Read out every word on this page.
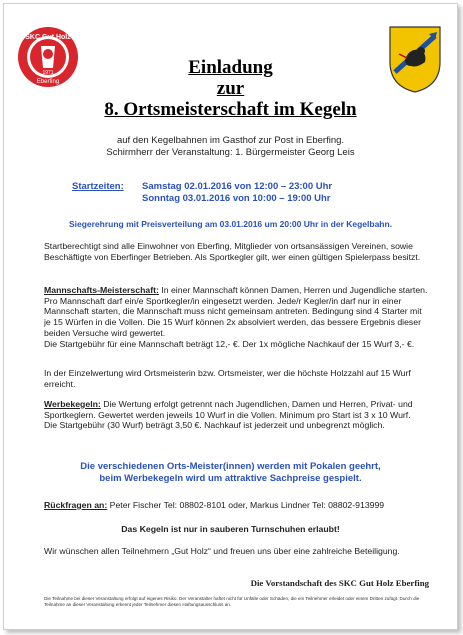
SKC Gut Holz
1971
Eberfing
Einladung
zur
8. Ortsmeisterschaft im Kegeln
auf den Kegelbahnen im Gasthof zur Post in Eberfing.
Schirmherr der Veranstaltung: 1. Bürgermeister Georg Leis
Startzeiten: Samstag 02.01.2016 von 12:00 – 23:00 Uhr
Sonntag 03.01.2016 von 10:00 – 19:00 Uhr
Siegerehrung mit Preisverteilung am 03.01.2016 um 20:00 Uhr in der Kegelbahn.
Startberechtigt sind alle Einwohner von Eberfing, Mitglieder von ortsansässigen Vereinen, sowie Beschäftigte von Eberfinger Betrieben. Als Sportkegler gilt, wer einen gültigen Spielerpass besitzt.
Mannschafts-Meisterschaft: In einer Mannschaft können Damen, Herren und Jugendliche starten. Pro Mannschaft darf ein/e Sportkegler/in eingesetzt werden. Jede/r Kegler/in darf nur in einer Mannschaft starten, die Mannschaft muss nicht gemeinsam antreten. Bedingung sind 4 Starter mit je 15 Würfen in die Vollen. Die 15 Wurf können 2x absolviert werden, das bessere Ergebnis dieser beiden Versuche wird gewertet.
Die Startgebühr für eine Mannschaft beträgt 12,- €. Der 1x mögliche Nachkauf der 15 Wurf 3,- €.
In der Einzelwertung wird Ortsmeisterin bzw. Ortsmeister, wer die höchste Holzzahl auf 15 Wurf erreicht.
Werbekegeln: Die Wertung erfolgt getrennt nach Jugendlichen, Damen und Herren, Privat- und Sportkeglern. Gewertet werden jeweils 10 Wurf in die Vollen. Minimum pro Start ist 3 x 10 Wurf.
Die Startgebühr (30 Wurf) beträgt 3,50 €. Nachkauf ist jederzeit und unbegrenzt möglich.
Die verschiedenen Orts-Meister(innen) werden mit Pokalen geehrt,
beim Werbekegeln wird um attraktive Sachpreise gespielt.
Rückfragen an: Peter Fischer Tel: 08802-8101 oder, Markus Lindner Tel: 08802-913999
Das Kegeln ist nur in sauberen Turnschuhen erlaubt!
Wir wünschen allen Teilnehmern „Gut Holz“ und freuen uns über eine zahlreiche Beteiligung.
Die Vorstandschaft des SKC Gut Holz Eberfing
Die Teilnahme bei dieser Veranstaltung erfolgt auf eigenes Risiko. Der Veranstalter haftet nicht für Unfälle oder Schäden, die ein Teilnehmer erleidet oder einem Dritten zufügt. Durch die Teilnahme an dieser Veranstaltung erkennt jeder Teilnehmer diesen Haftungsausschluss an.
